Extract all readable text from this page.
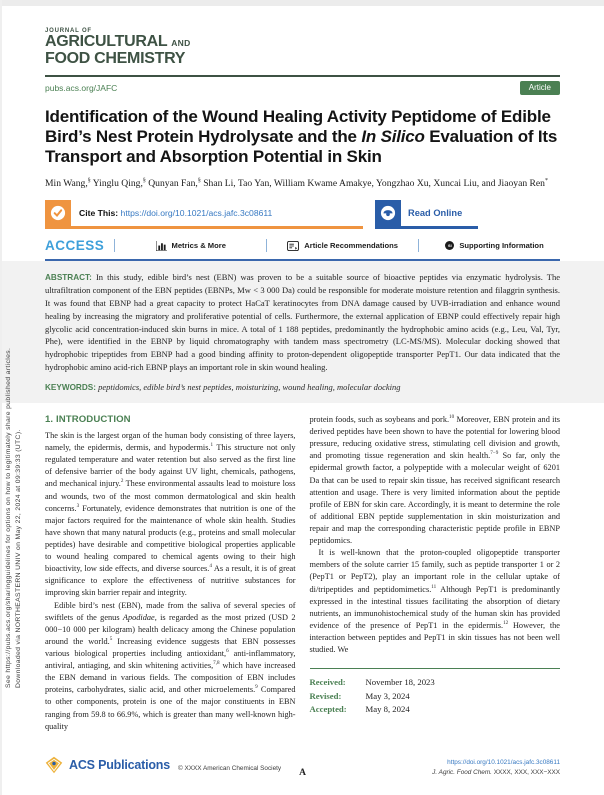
See https://pubs.acs.org/sharingguidelines for options on how to legitimately share published articles. Downloaded via NORTHEASTERN UNIV on May 22, 2024 at 09:39:33 (UTC).
JOURNAL OF
AGRICULTURAL AND
FOOD CHEMISTRY
pubs.acs.org/JAFC	Article
Identification of the Wound Healing Activity Peptidome of Edible Bird’s Nest Protein Hydrolysate and the In Silico Evaluation of Its Transport and Absorption Potential in Skin
Min Wang,§ Yinglu Qing,§ Qunyan Fan,§ Shan Li, Tao Yan, William Kwame Amakye, Yongzhao Xu, Xuncai Liu, and Jiaoyan Ren*
Cite This: https://doi.org/10.1021/acs.jafc.3c08611	Read Online
ACCESS	Metrics & More	Article Recommendations	sı	Supporting Information

ABSTRACT: In this study, edible bird’s nest (EBN) was proven to be a suitable source of bioactive peptides via enzymatic hydrolysis. The ultrafiltration component of the EBN peptides (EBNPs, Mw < 3 000 Da) could be responsible for moderate moisture retention and filaggrin synthesis. It was found that EBNP had a great capacity to protect HaCaT keratinocytes from DNA damage caused by UVB-irradiation and enhance wound healing by increasing the migratory and proliferative potential of cells. Furthermore, the external application of EBNP could effectively repair high glycolic acid concentration-induced skin burns in mice. A total of 1 188 peptides, predominantly the hydrophobic amino acids (e.g., Leu, Val, Tyr, Phe), were identified in the EBNP by liquid chromatography with tandem mass spectrometry (LC-MS/MS). Molecular docking showed that hydrophobic tripeptides from EBNP had a good binding affinity to proton-dependent oligopeptide transporter PepT1. Our data indicated that the hydrophobic amino acid-rich EBNP plays an important role in skin wound healing.

KEYWORDS: peptidomics, edible bird’s nest peptides, moisturizing, wound healing, molecular docking

1. INTRODUCTION

The skin is the largest organ of the human body consisting of three layers, namely, the epidermis, dermis, and hypodermis.$^1$ This structure not only regulated temperature and water retention but also served as the first line of defensive barrier of the body against UV light, chemicals, pathogens, and mechanical injury.$^2$ These environmental assaults lead to moisture loss and wounds, two of the most common dermatological and skin health concerns.$^3$ Fortunately, evidence demonstrates that nutrition is one of the major factors required for the maintenance of whole skin health. Studies have shown that many natural products (e.g., proteins and small molecular peptides) have desirable and competitive biological properties applicable to wound healing compared to chemical agents owing to their high bioactivity, low side effects, and diverse sources.$^4$ As a result, it is of great significance to explore the effectiveness of nutritive substances for improving skin barrier repair and integrity.

Edible bird’s nest (EBN), made from the saliva of several species of swiftlets of the genus Apodidae, is regarded as the most prized (USD 2 000−10 000 per kilogram) health delicacy among the Chinese population around the world.$^5$ Increasing evidence suggests that EBN possesses various biological properties including antioxidant,$^6$ anti-inflammatory, antiviral, antiaging, and skin whitening activities,$^{7,8}$ which have increased the EBN demand in various fields. The composition of EBN includes proteins, carbohydrates, sialic acid, and other microelements.$^9$ Compared to other components, protein is one of the major constituents in EBN ranging from 59.8 to 66.9%, which is greater than many well-known high-quality

protein foods, such as soybeans and pork.$^{10}$ Moreover, EBN protein and its derived peptides have been shown to have the potential for lowering blood pressure, reducing oxidative stress, stimulating cell division and growth, and promoting tissue regeneration and skin health.$^{7-9}$ So far, only the epidermal growth factor, a polypeptide with a molecular weight of 6201 Da that can be used to repair skin tissue, has received significant research attention and usage. There is very limited information about the peptide profile of EBN for skin care. Accordingly, it is meant to determine the role of additional EBN peptide supplementation in skin moisturization and repair and map the corresponding characteristic peptide profile in EBNP peptidomics.

It is well-known that the proton-coupled oligopeptide transporter members of the solute carrier 15 family, such as peptide transporter 1 or 2 (PepT1 or PepT2), play an important role in the cellular uptake of di/tripeptides and peptidomimetics.$^{11}$ Although PepT1 is predominantly expressed in the intestinal tissues facilitating the absorption of dietary nutrients, an immunohistochemical study of the human skin has provided evidence of the presence of PepT1 in the epidermis.$^{12}$ However, the interaction between peptides and PepT1 in skin tissues has not been well studied. We

Received:	November 18, 2023
Revised:	May 3, 2024
Accepted:	May 8, 2024
ACS Publications © XXXX American Chemical Society A
https://doi.org/10.1021/acs.jafc.3c08611
J. Agric. Food Chem. XXXX, XXX, XXX−XXX
